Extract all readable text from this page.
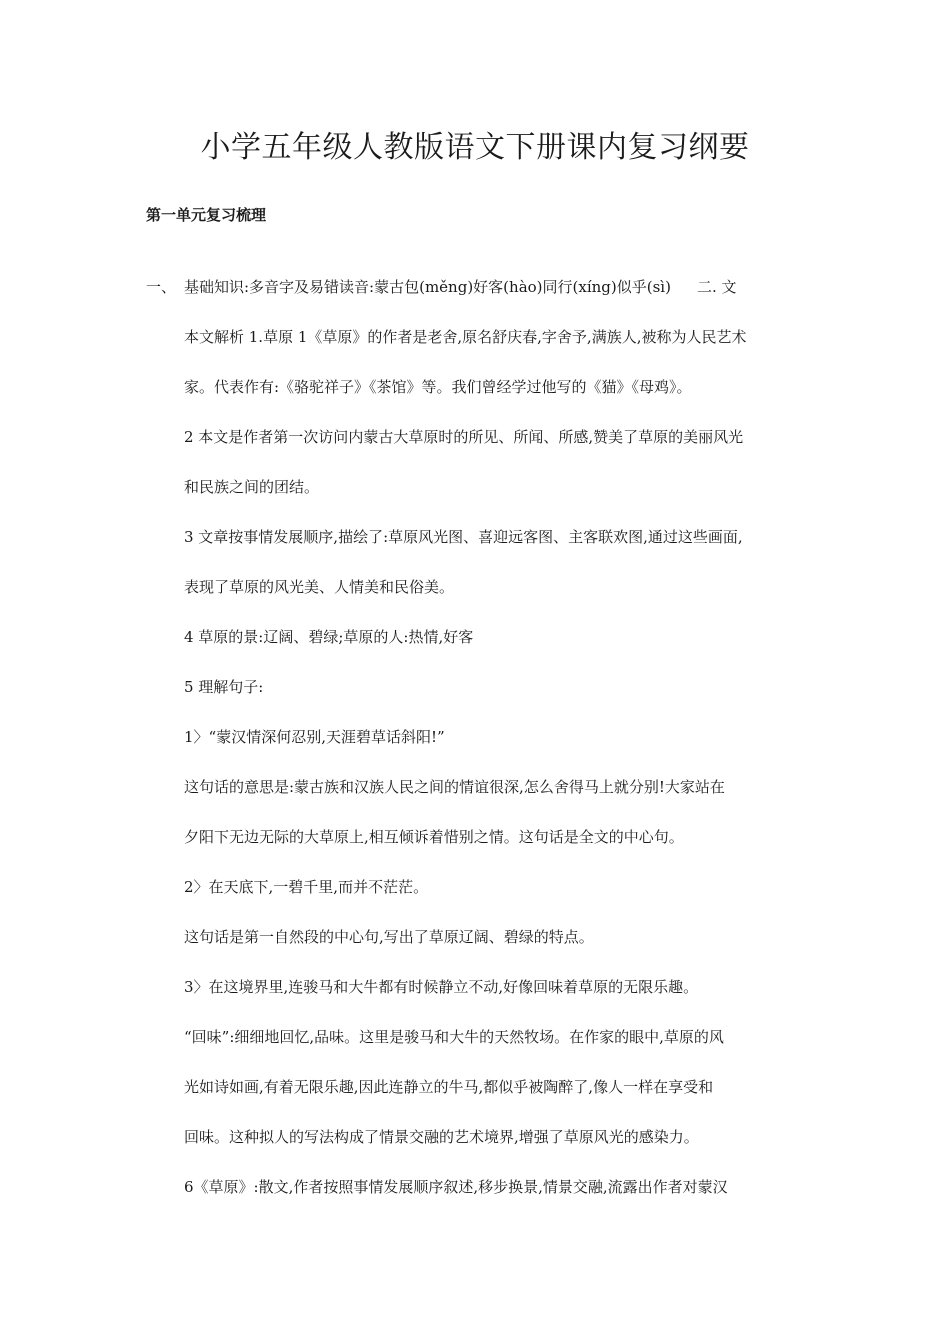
小学五年级人教版语文下册课内复习纲要
第一单元复习梳理
一、 基础知识:多音字及易错读音:蒙古包(měng)好客(hào)同行(xíng)似乎(sì) 二. 文
本文解析 1.草原 1《草原》的作者是老舍,原名舒庆春,字舍予,满族人,被称为人民艺术
家。代表作有:《骆驼祥子》《茶馆》等。我们曾经学过他写的《猫》《母鸡》。
2 本文是作者第一次访问内蒙古大草原时的所见、所闻、所感,赞美了草原的美丽风光
和民族之间的团结。
3 文章按事情发展顺序,描绘了:草原风光图、喜迎远客图、主客联欢图,通过这些画面,
表现了草原的风光美、人情美和民俗美。
4 草原的景:辽阔、碧绿;草原的人:热情,好客
5 理解句子:
1〉“蒙汉情深何忍别,天涯碧草话斜阳!”
这句话的意思是:蒙古族和汉族人民之间的情谊很深,怎么舍得马上就分别!大家站在
夕阳下无边无际的大草原上,相互倾诉着惜别之情。这句话是全文的中心句。
2〉在天底下,一碧千里,而并不茫茫。
这句话是第一自然段的中心句,写出了草原辽阔、碧绿的特点。
3〉在这境界里,连骏马和大牛都有时候静立不动,好像回味着草原的无限乐趣。
“回味”:细细地回忆,品味。这里是骏马和大牛的天然牧场。在作家的眼中,草原的风
光如诗如画,有着无限乐趣,因此连静立的牛马,都似乎被陶醉了,像人一样在享受和
回味。这种拟人的写法构成了情景交融的艺术境界,增强了草原风光的感染力。
6《草原》:散文,作者按照事情发展顺序叙述,移步换景,情景交融,流露出作者对蒙汉
